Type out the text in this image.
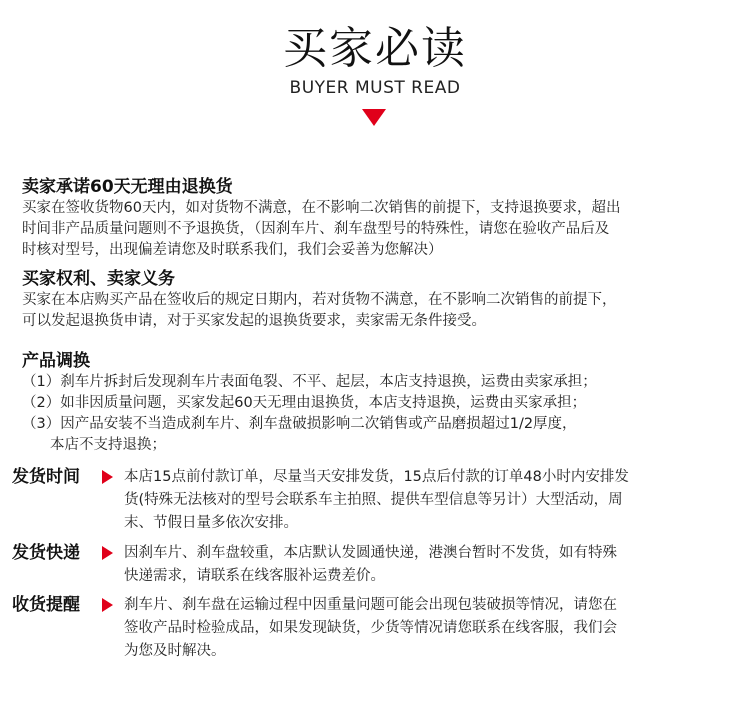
买家必读
BUYER MUST READ
卖家承诺60天无理由退换货
买家在签收货物60天内，如对货物不满意，在不影响二次销售的前提下，支持退换要求，超出
时间非产品质量问题则不予退换货，（因刹车片、刹车盘型号的特殊性，请您在验收产品后及
时核对型号，出现偏差请您及时联系我们，我们会妥善为您解决）
买家权利、卖家义务
买家在本店购买产品在签收后的规定日期内，若对货物不满意，在不影响二次销售的前提下，
可以发起退换货申请，对于买家发起的退换货要求，卖家需无条件接受。
产品调换
（1）刹车片拆封后发现刹车片表面龟裂、不平、起层，本店支持退换，运费由卖家承担；
（2）如非因质量问题，买家发起60天无理由退换货，本店支持退换，运费由买家承担；
（3）因产品安装不当造成刹车片、刹车盘破损影响二次销售或产品磨损超过1/2厚度，
本店不支持退换；
发货时间	本店15点前付款订单，尽量当天安排发货，15点后付款的订单48小时内安排发
货(特殊无法核对的型号会联系车主拍照、提供车型信息等另计）大型活动，周
末、节假日量多依次安排。
发货快递	因刹车片、刹车盘较重，本店默认发圆通快递，港澳台暂时不发货，如有特殊
快递需求，请联系在线客服补运费差价。
收货提醒	刹车片、刹车盘在运输过程中因重量问题可能会出现包装破损等情况，请您在
签收产品时检验成品，如果发现缺货，少货等情况请您联系在线客服，我们会
为您及时解决。
